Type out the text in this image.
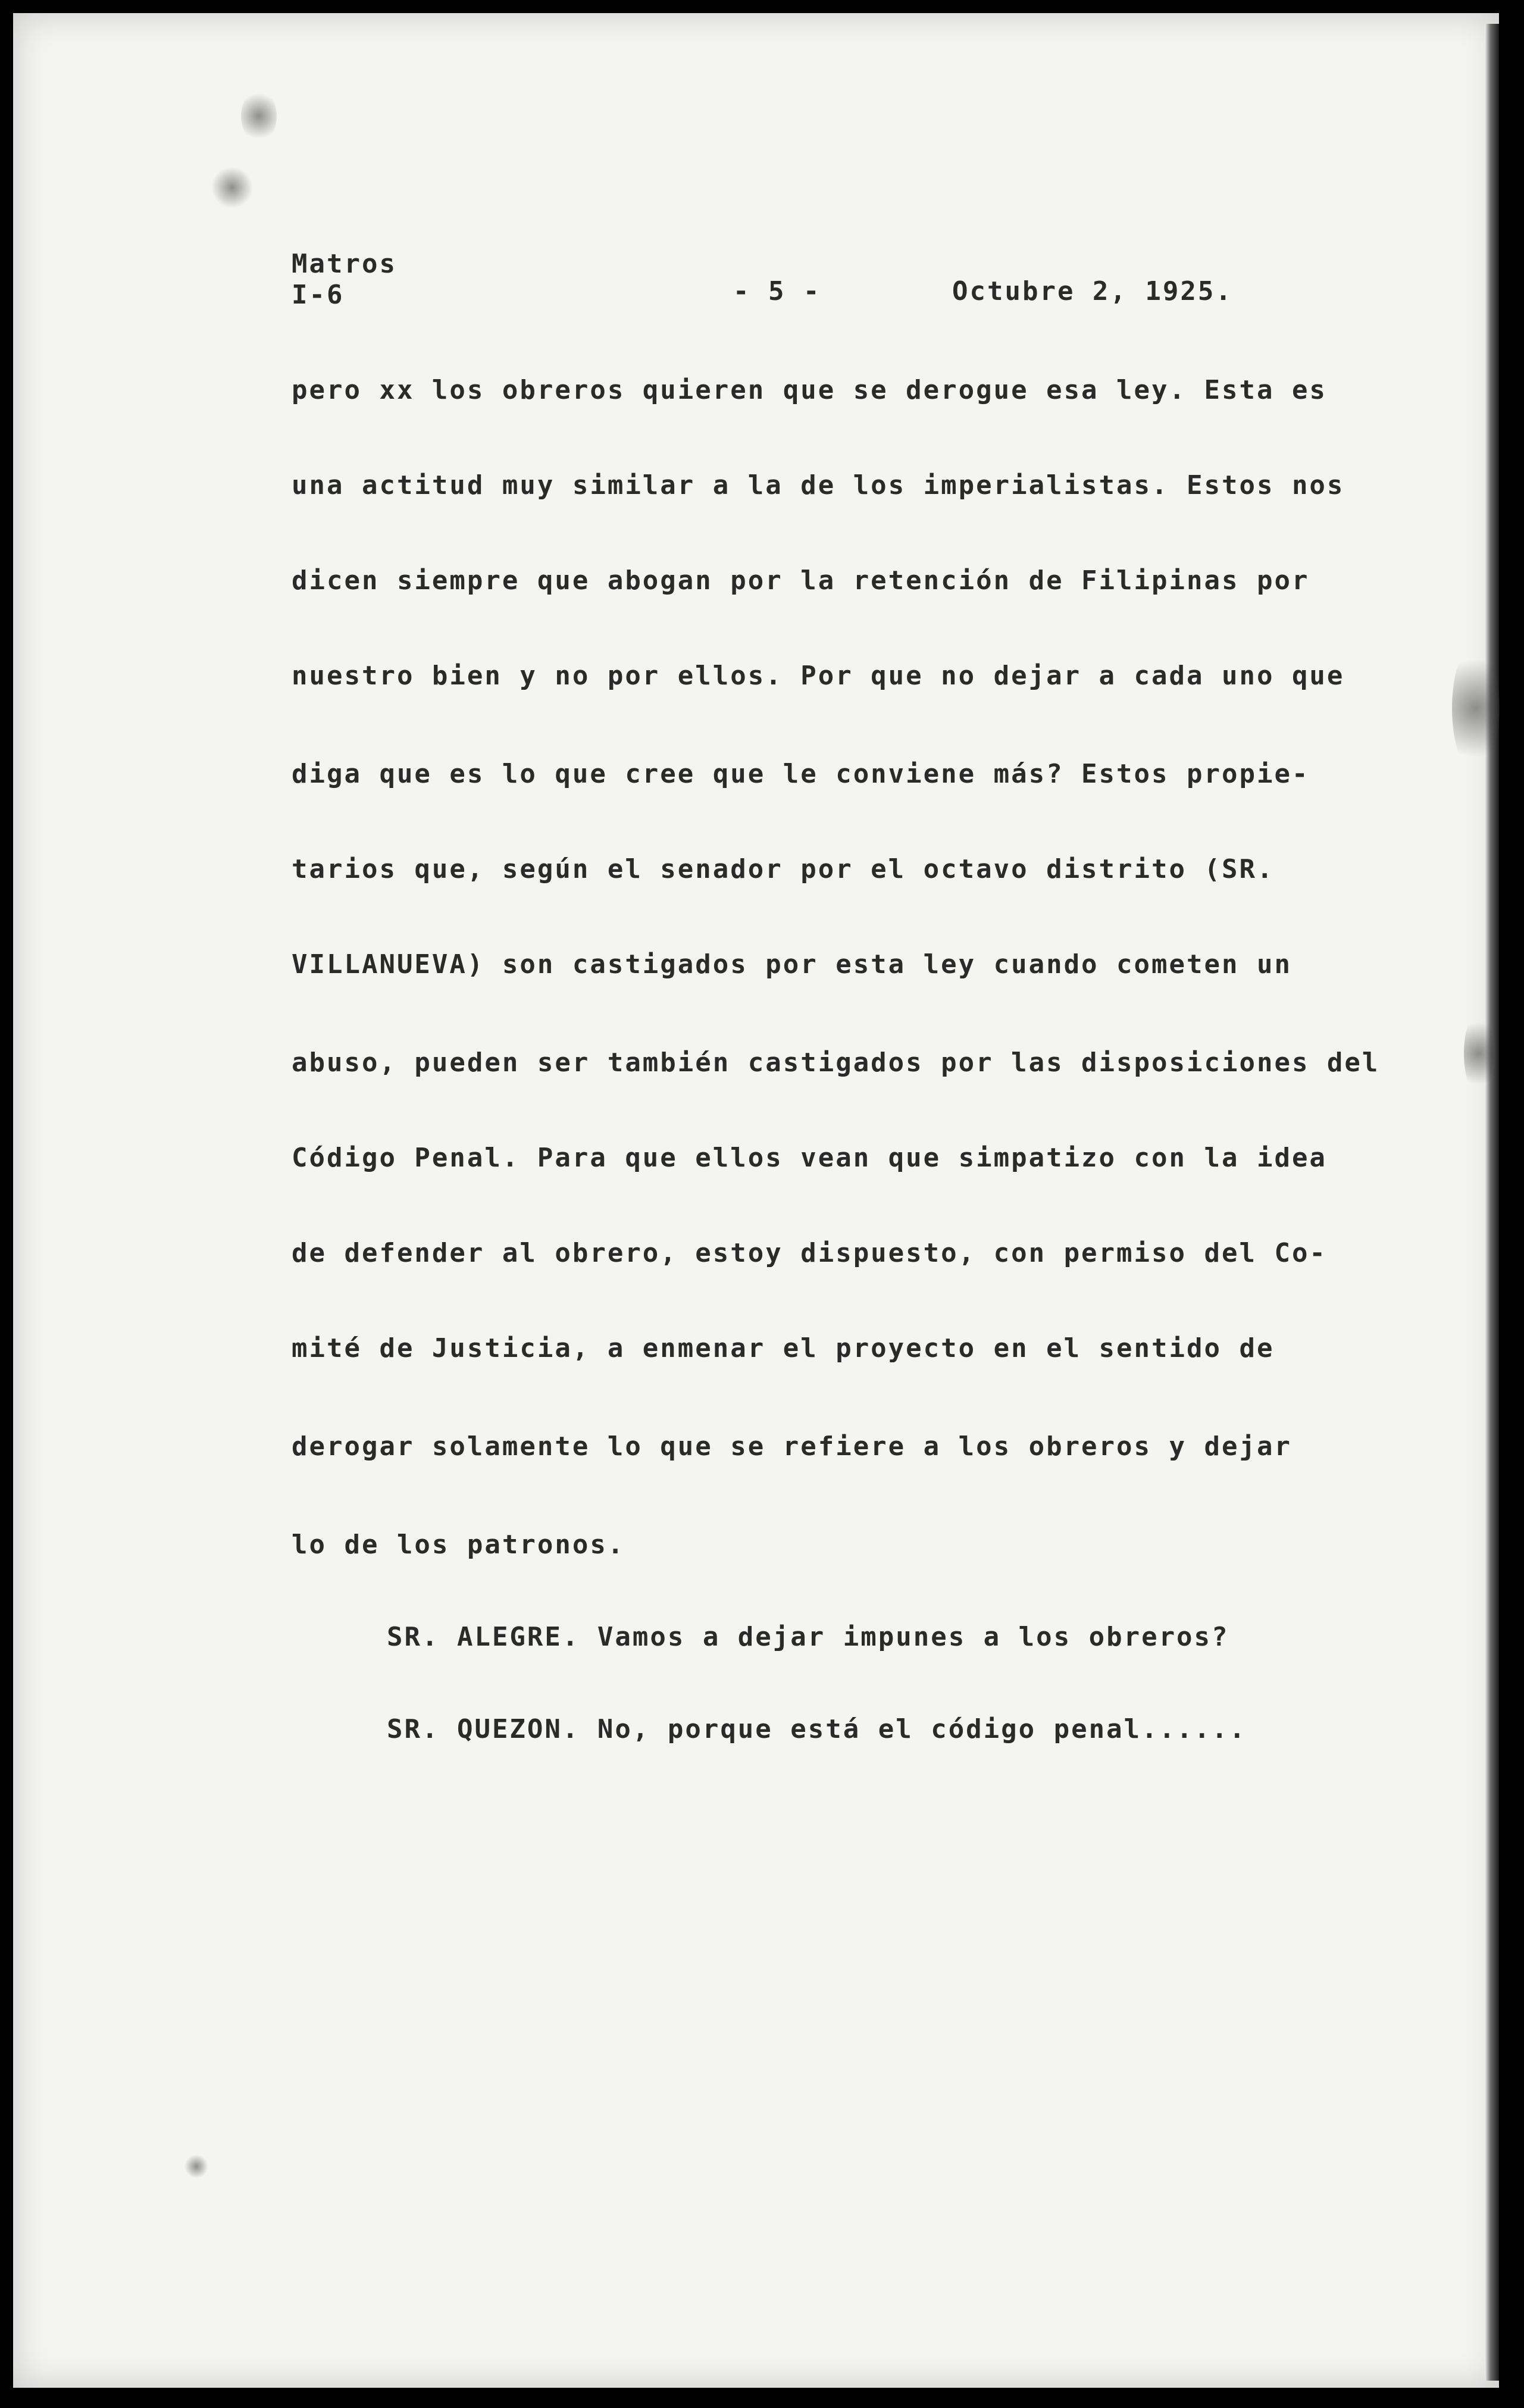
Matros
I-6	- 5 -	Octubre 2, 1925.
pero xx los obreros quieren que se derogue esa ley. Esta es
una actitud muy similar a la de los imperialistas. Estos nos
dicen siempre que abogan por la retención de Filipinas por
nuestro bien y no por ellos. Por que no dejar a cada uno que
diga que es lo que cree que le conviene más? Estos propie-
tarios que, según el senador por el octavo distrito (SR.
VILLANUEVA) son castigados por esta ley cuando cometen un
abuso, pueden ser también castigados por las disposiciones del
Código Penal. Para que ellos vean que simpatizo con la idea
de defender al obrero, estoy dispuesto, con permiso del Co-
mité de Justicia, a enmenar el proyecto en el sentido de
derogar solamente lo que se refiere a los obreros y dejar
lo de los patronos.
SR. ALEGRE. Vamos a dejar impunes a los obreros?
SR. QUEZON. No, porque está el código penal......
